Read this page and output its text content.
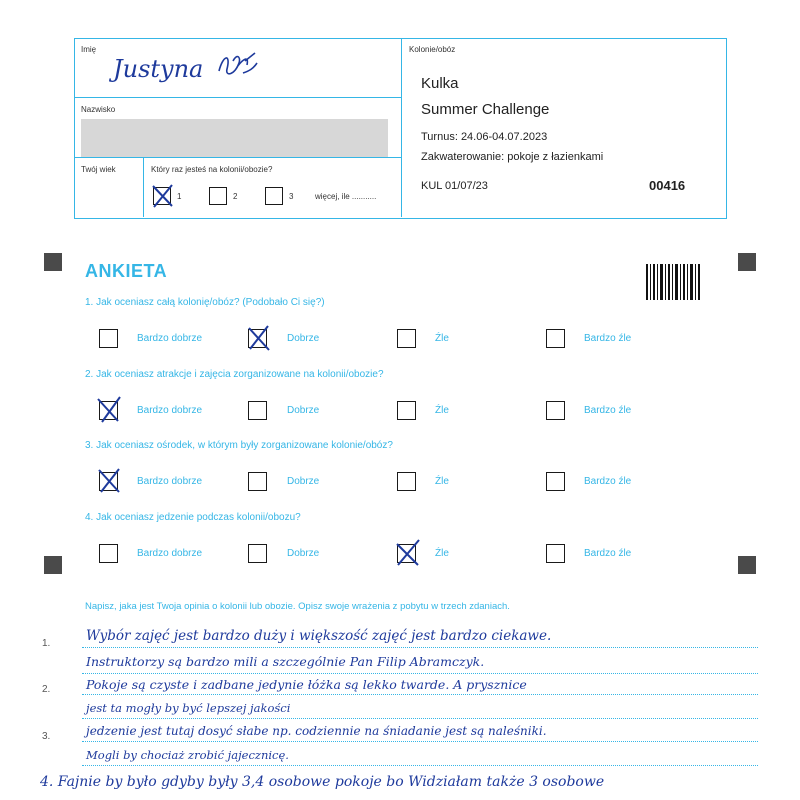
Imię
Justyna
Nazwisko
Twój wiek	Który raz jesteś na kolonii/obozie?
1	2	3	więcej, ile ...........
Kolonie/obóz
Kulka
Summer Challenge
Turnus: 24.06-04.07.2023
Zakwaterowanie: pokoje z łazienkami
KUL 01/07/23	00416
ANKIETA
1. Jak oceniasz całą kolonię/obóz? (Podobało Ci się?)
2. Jak oceniasz atrakcje i zajęcia zorganizowane na kolonii/obozie?
3. Jak oceniasz ośrodek, w którym były zorganizowane kolonie/obóz?
4. Jak oceniasz jedzenie podczas kolonii/obozu?
Bardzo dobrze	Dobrze	Źle	Bardzo źle
Bardzo dobrze	Dobrze	Źle	Bardzo źle
Bardzo dobrze	Dobrze	Źle	Bardzo źle
Bardzo dobrze	Dobrze	Źle	Bardzo źle
Napisz, jaka jest Twoja opinia o kolonii lub obozie. Opisz swoje wrażenia z pobytu w trzech zdaniach.
1.
2.
3.
Wybór zajęć jest bardzo duży i większość zajęć jest bardzo ciekawe.
Instruktorzy są bardzo mili a szczególnie Pan Filip Abramczyk.
Pokoje są czyste i zadbane jedynie łóżka są lekko twarde. A prysznice
jest ta mogły by być lepszej jakości
jedzenie jest tutaj dosyć słabe np. codziennie na śniadanie jest są naleśniki.
Mogli by chociaż zrobić jajecznicę.
4. Fajnie by było gdyby były 3,4 osobowe pokoje bo Widziałam także 3 osobowe
